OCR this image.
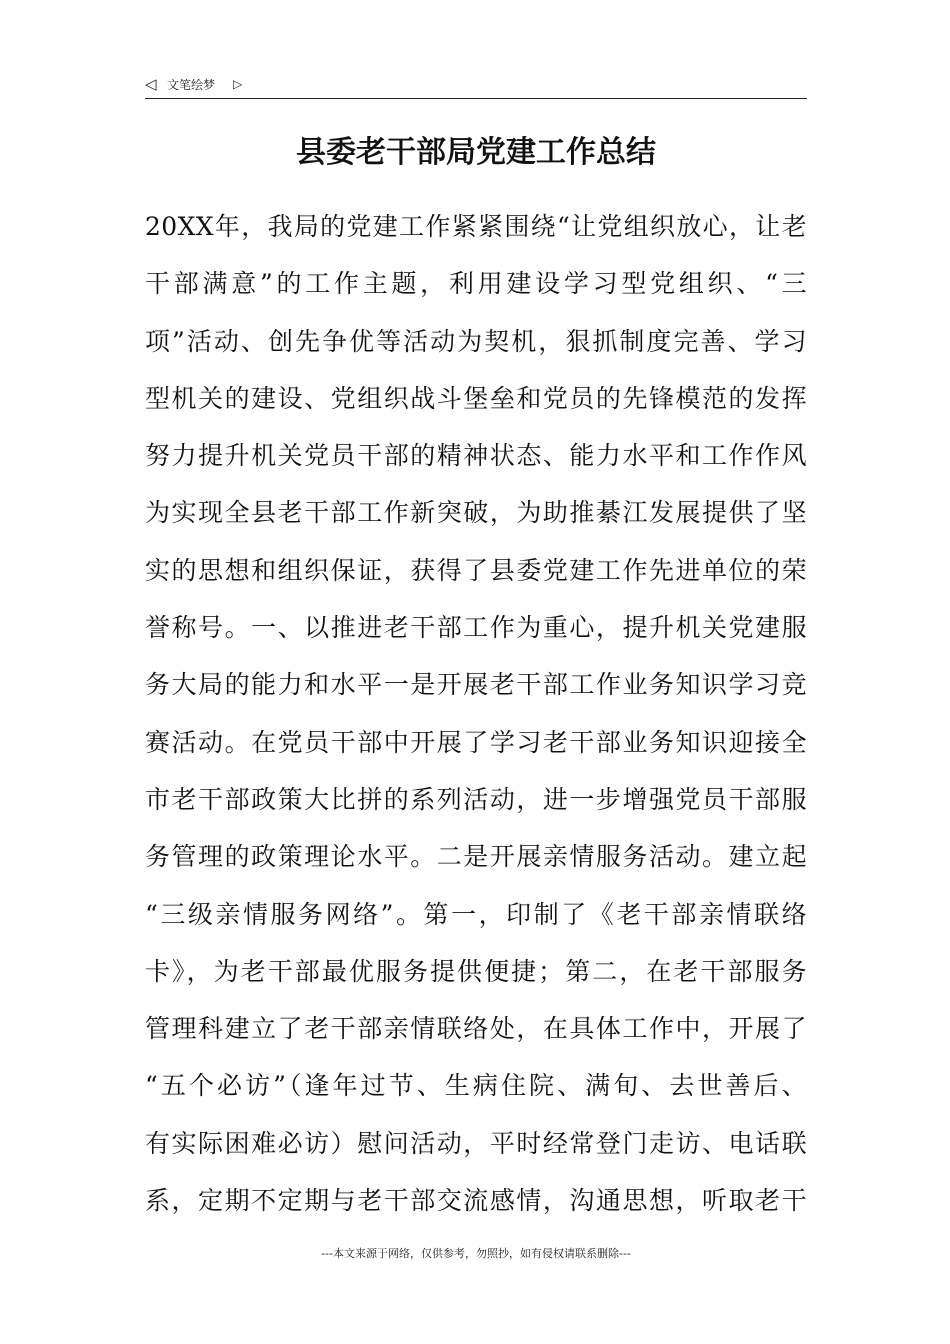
◁ 文笔绘梦 ▷
县委老干部局党建工作总结
20XX年，我局的党建工作紧紧围绕“让党组织放心，让老
干部满意”的工作主题，利用建设学习型党组织、“三
项”活动、创先争优等活动为契机，狠抓制度完善、学习
型机关的建设、党组织战斗堡垒和党员的先锋模范的发挥
努力提升机关党员干部的精神状态、能力水平和工作作风
为实现全县老干部工作新突破，为助推綦江发展提供了坚
实的思想和组织保证，获得了县委党建工作先进单位的荣
誉称号。一、以推进老干部工作为重心，提升机关党建服
务大局的能力和水平一是开展老干部工作业务知识学习竞
赛活动。在党员干部中开展了学习老干部业务知识迎接全
市老干部政策大比拼的系列活动，进一步增强党员干部服
务管理的政策理论水平。二是开展亲情服务活动。建立起
“三级亲情服务网络”。第一，印制了《老干部亲情联络
卡》，为老干部最优服务提供便捷；第二，在老干部服务
管理科建立了老干部亲情联络处，在具体工作中，开展了
“五个必访”（逢年过节、生病住院、满旬、去世善后、
有实际困难必访）慰问活动，平时经常登门走访、电话联
系，定期不定期与老干部交流感情，沟通思想，听取老干
---本文来源于网络，仅供参考，勿照抄，如有侵权请联系删除---
